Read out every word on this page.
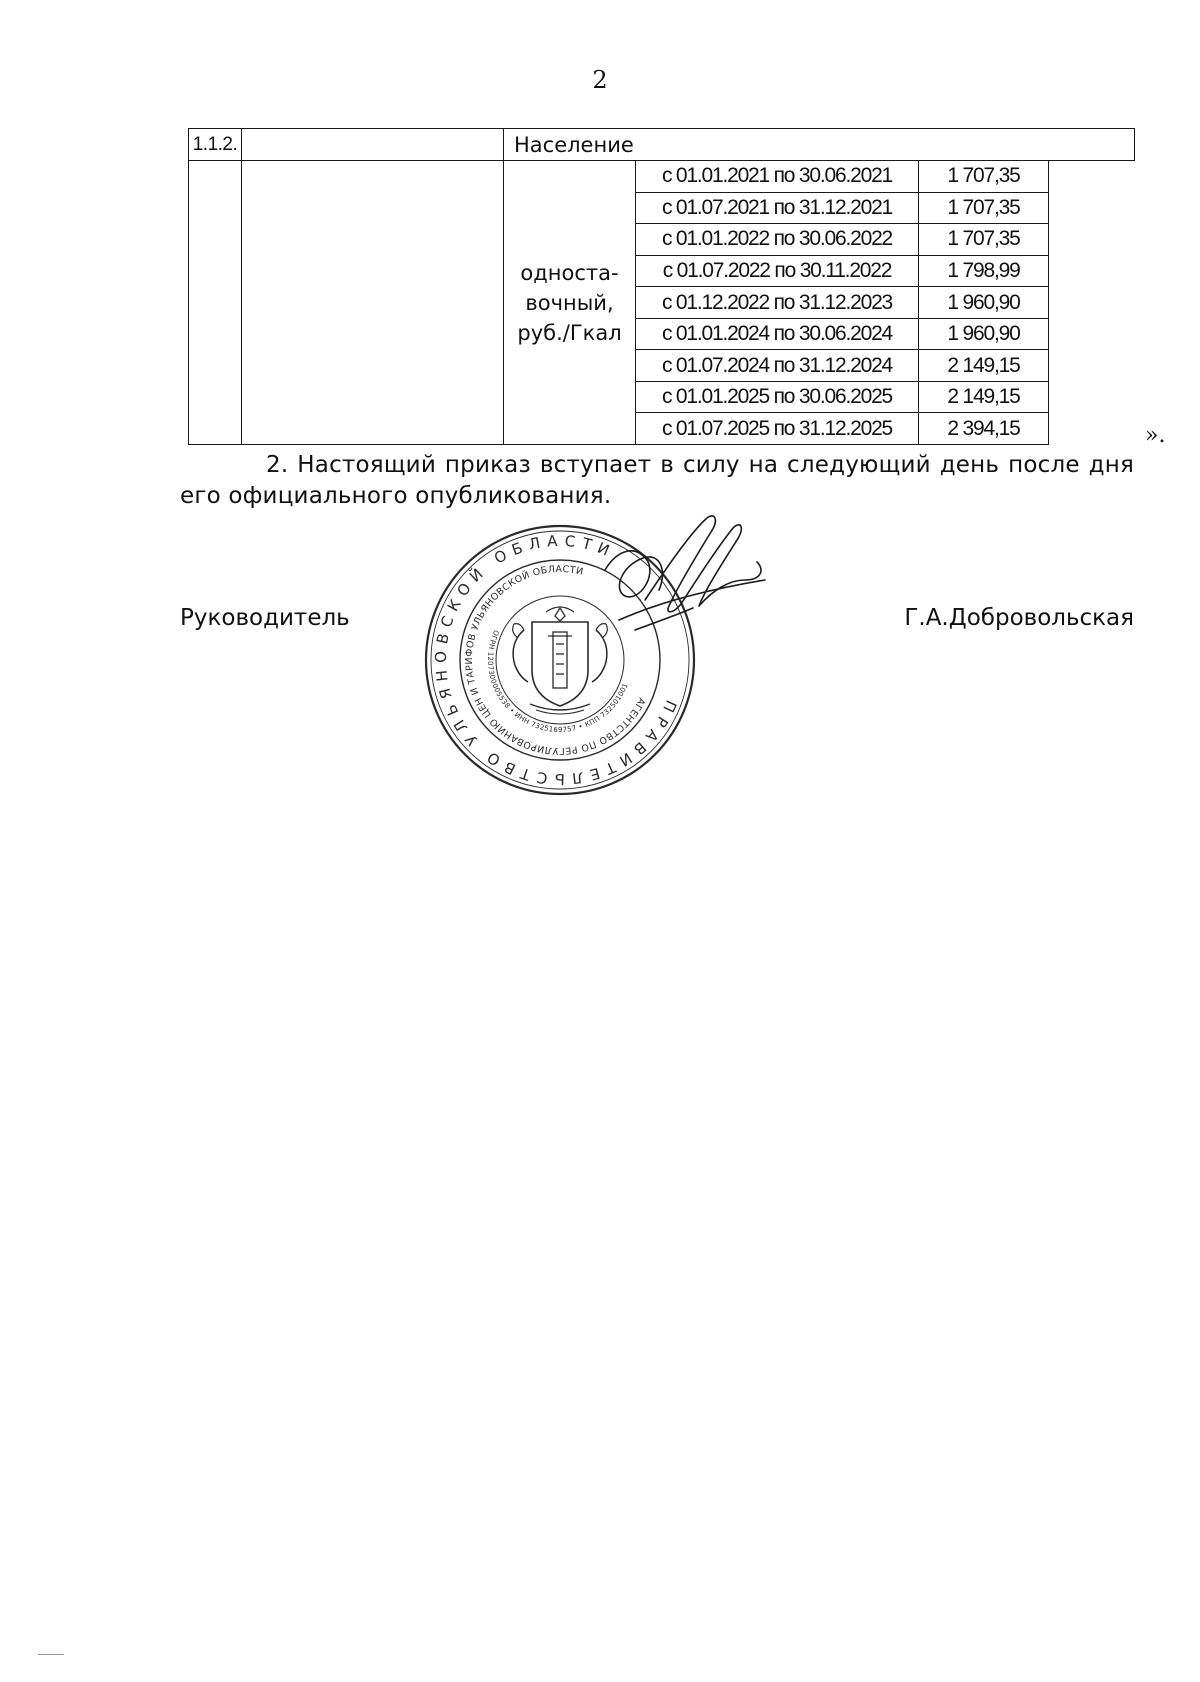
2
1.1.2.		Население			

		односта-
вочный,
руб./Гкал	с 01.01.2021 по 30.06.2021	1 707,35	
			с 01.07.2021 по 31.12.2021	1 707,35	
			с 01.01.2022 по 30.06.2022	1 707,35	
			с 01.07.2022 по 30.11.2022	1 798,99	
			с 01.12.2022 по 31.12.2023	1 960,90	
			с 01.01.2024 по 30.06.2024	1 960,90	
			с 01.07.2024 по 31.12.2024	2 149,15	
			с 01.01.2025 по 30.06.2025	2 149,15	
			с 01.07.2025 по 31.12.2025	2 394,15		».
2. Настоящий приказ вступает в силу на следующий день после дня его официального опубликования.
ПРАВИТЕЛЬСТВО УЛЬЯНОВСКОЙ ОБЛАСТИ
АГЕНТСТВО ПО РЕГУЛИРОВАНИЮ ЦЕН И ТАРИФОВ УЛЬЯНОВСКОЙ ОБЛАСТИ
ОГРН 1207300005538 • ИНН 7325169757 • КПП 732501001
Руководитель	Г.А.Добровольская
